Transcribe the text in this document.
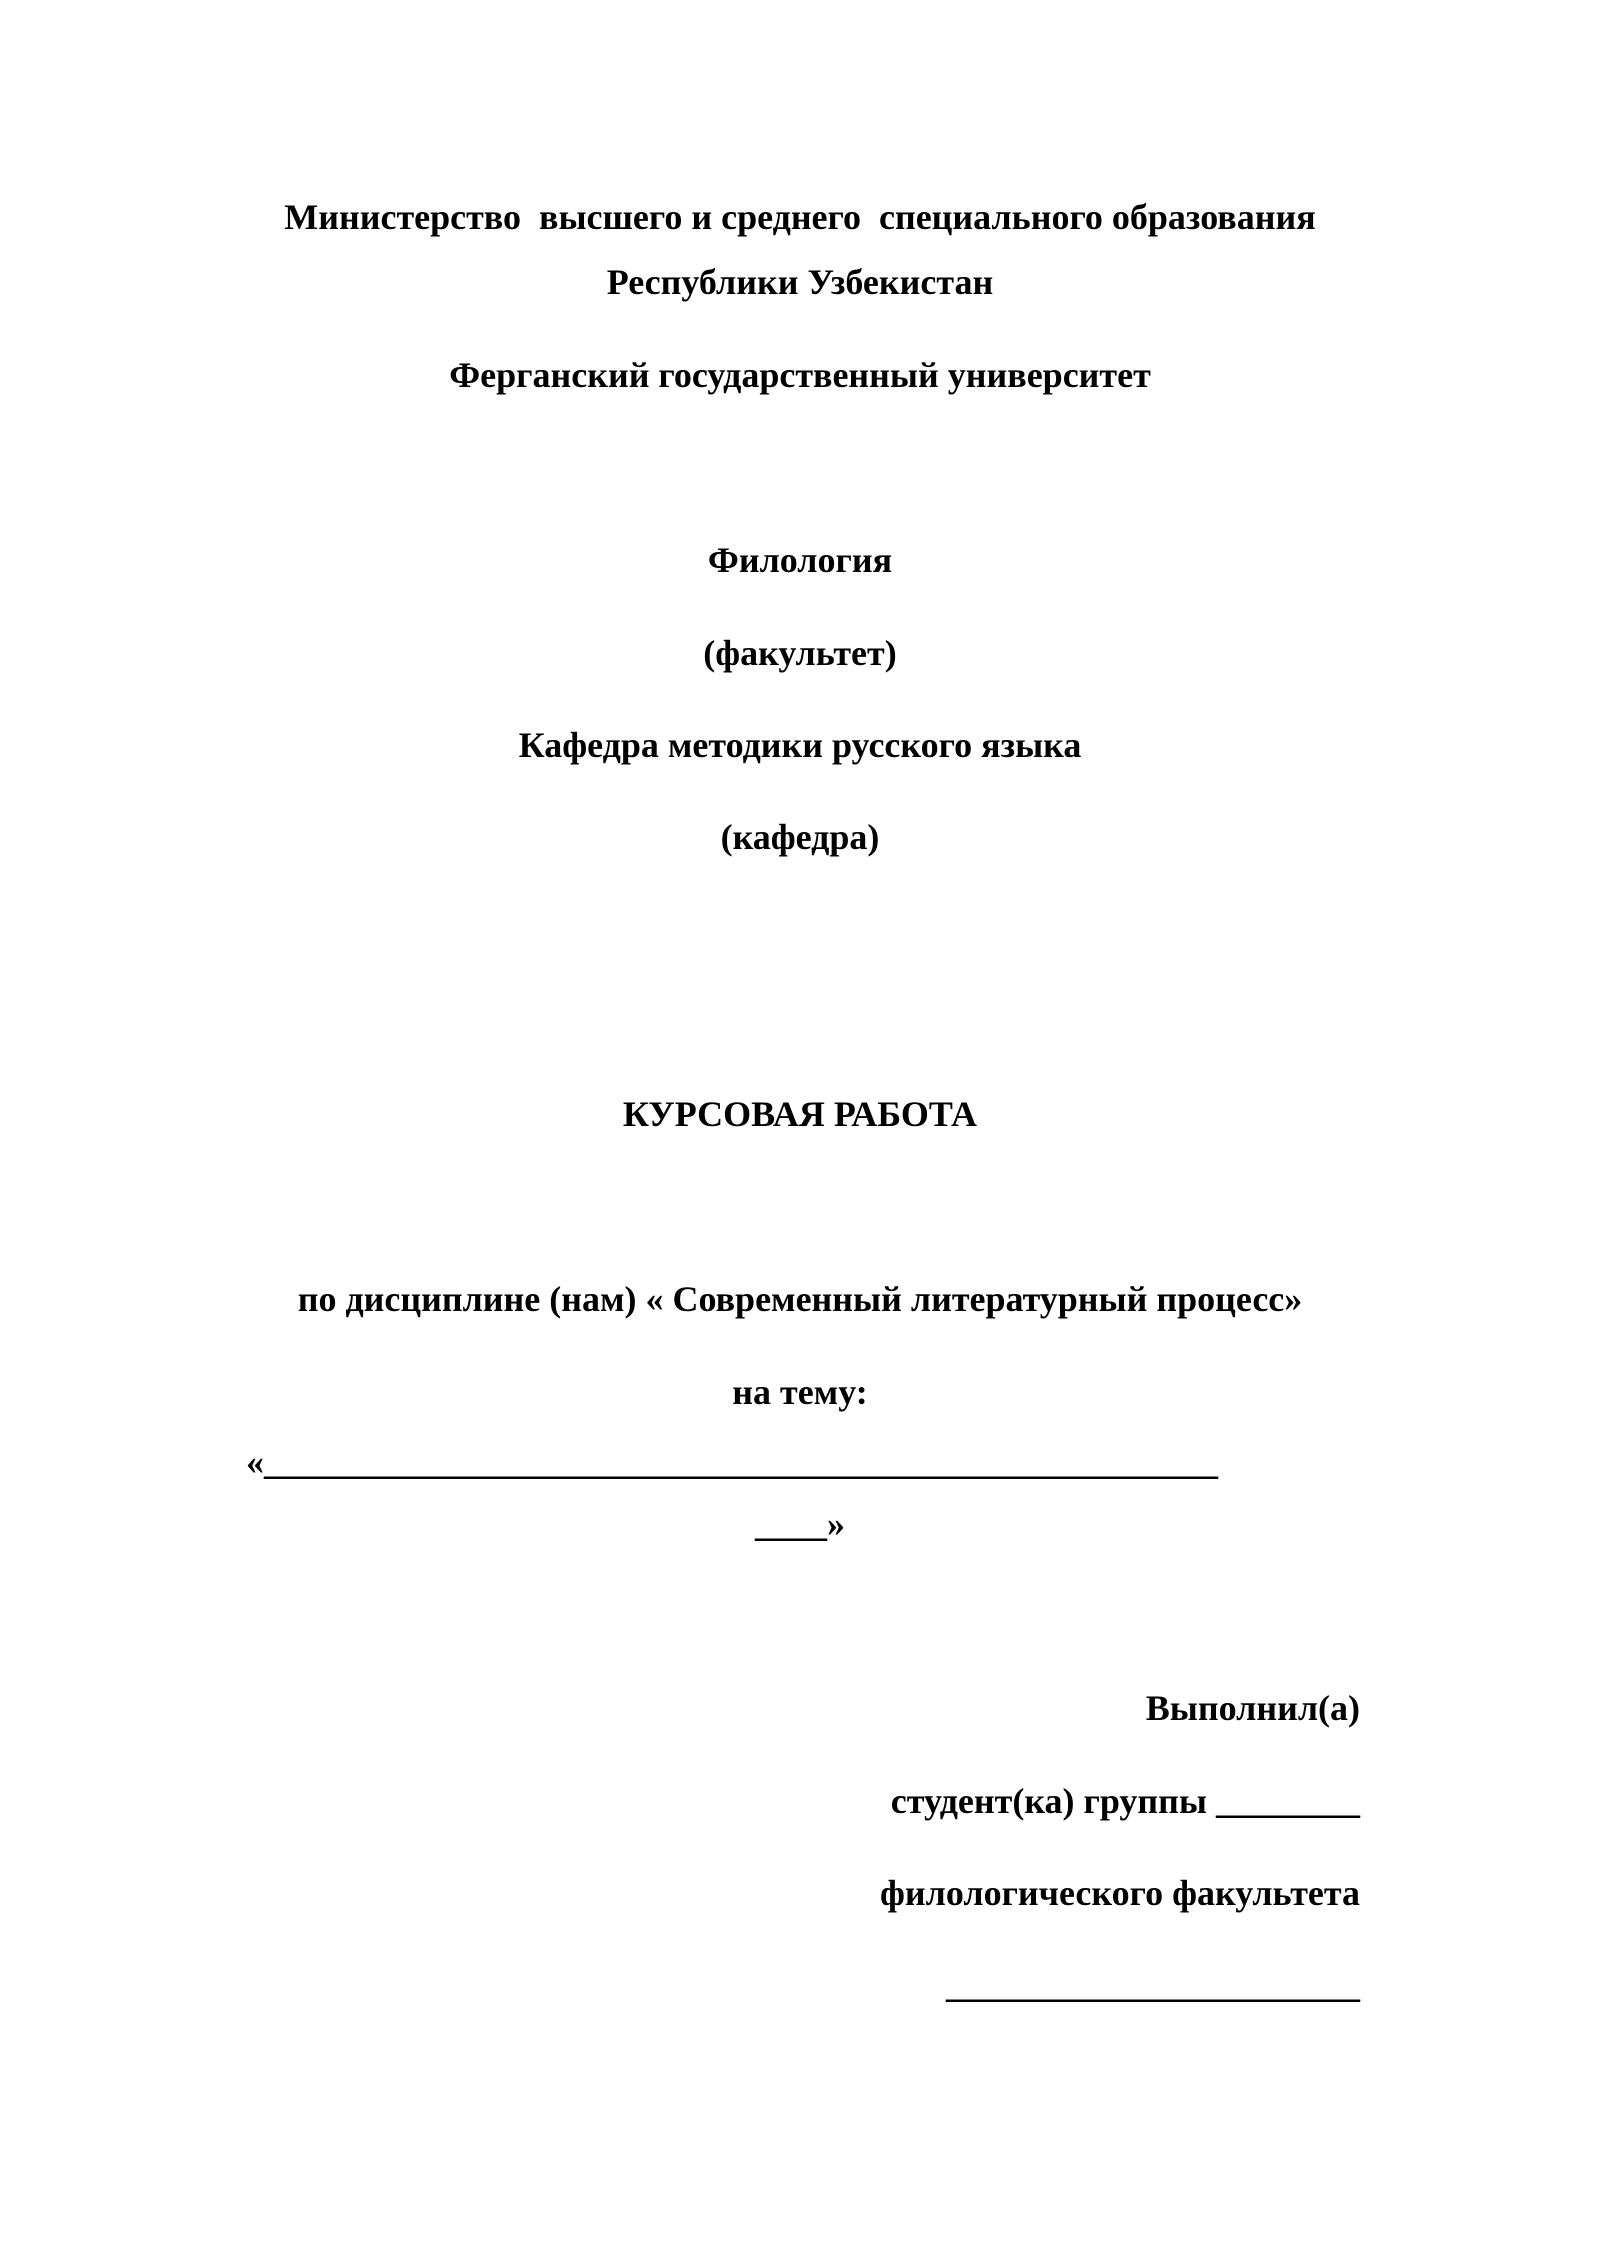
Министерство  высшего и среднего  специального образования
Республики Узбекистан
Ферганский государственный университет
Филология
(факультет)
Кафедра методики русского языка
(кафедра)
КУРСОВАЯ РАБОТА
по дисциплине (нам) « Современный литературный процесс»
на тему:
«_____________________________________________________
____»
Выполнил(а)
студент(ка) группы ________
филологического факультета
_______________________
